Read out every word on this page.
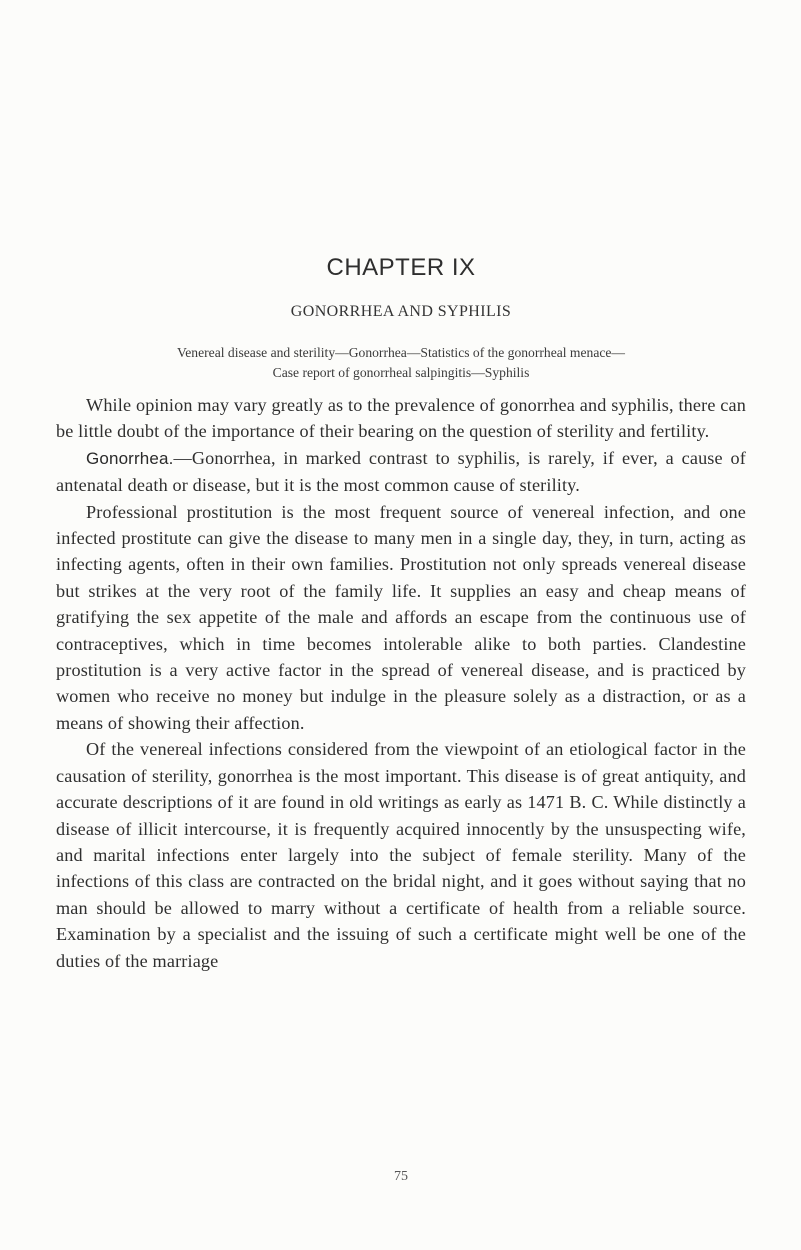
CHAPTER IX
GONORRHEA AND SYPHILIS
Venereal disease and sterility—Gonorrhea—Statistics of the gonorrheal menace—
Case report of gonorrheal salpingitis—Syphilis

While opinion may vary greatly as to the prevalence of gonorrhea and syphilis, there can be little doubt of the importance of their bearing on the question of sterility and fertility.

Gonorrhea.—Gonorrhea, in marked contrast to syphilis, is rarely, if ever, a cause of antenatal death or disease, but it is the most common cause of sterility.

Professional prostitution is the most frequent source of venereal infection, and one infected prostitute can give the disease to many men in a single day, they, in turn, acting as infecting agents, often in their own families. Prostitution not only spreads venereal disease but strikes at the very root of the family life. It supplies an easy and cheap means of gratifying the sex appetite of the male and affords an escape from the continuous use of contraceptives, which in time becomes intolerable alike to both parties. Clandestine prostitution is a very active factor in the spread of venereal disease, and is practiced by women who receive no money but indulge in the pleasure solely as a distraction, or as a means of showing their affection.

Of the venereal infections considered from the viewpoint of an etiological factor in the causation of sterility, gonorrhea is the most important. This disease is of great antiquity, and accurate descriptions of it are found in old writings as early as 1471 B. C. While distinctly a disease of illicit intercourse, it is frequently acquired innocently by the unsuspecting wife, and marital infections enter largely into the subject of female sterility. Many of the infections of this class are contracted on the bridal night, and it goes without saying that no man should be allowed to marry without a certificate of health from a reliable source. Examination by a specialist and the issuing of such a certificate might well be one of the duties of the marriage

75
